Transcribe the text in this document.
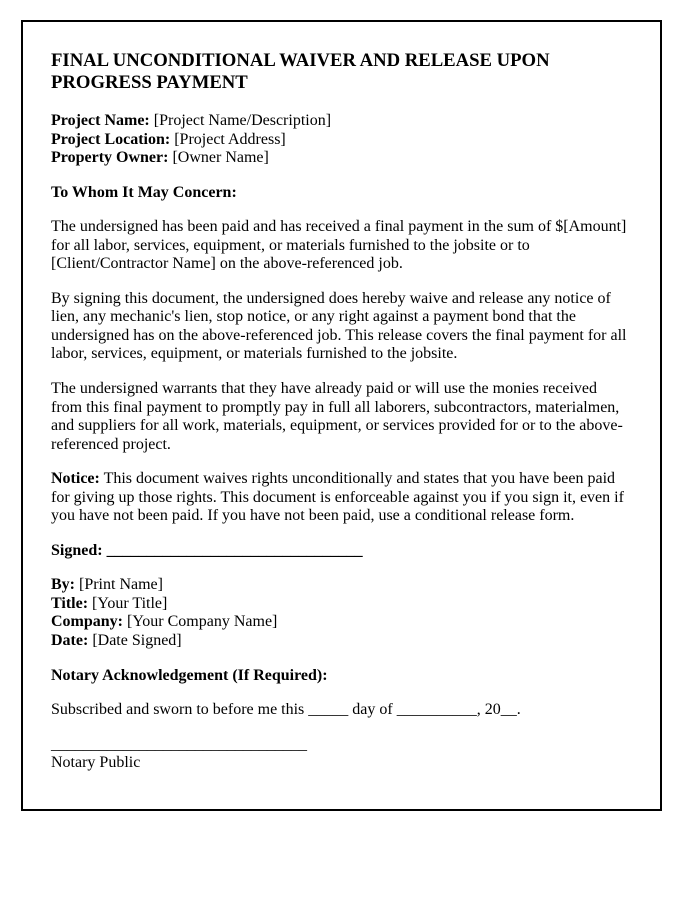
FINAL UNCONDITIONAL WAIVER AND RELEASE UPON PROGRESS PAYMENT

Project Name: [Project Name/Description]
Project Location: [Project Address]
Property Owner: [Owner Name]

To Whom It May Concern:

The undersigned has been paid and has received a final payment in the sum of $[Amount] for all labor, services, equipment, or materials furnished to the jobsite or to [Client/Contractor Name] on the above-referenced job.

By signing this document, the undersigned does hereby waive and release any notice of lien, any mechanic's lien, stop notice, or any right against a payment bond that the undersigned has on the above-referenced job. This release covers the final payment for all labor, services, equipment, or materials furnished to the jobsite.

The undersigned warrants that they have already paid or will use the monies received from this final payment to promptly pay in full all laborers, subcontractors, materialmen, and suppliers for all work, materials, equipment, or services provided for or to the above-referenced project.

Notice: This document waives rights unconditionally and states that you have been paid for giving up those rights. This document is enforceable against you if you sign it, even if you have not been paid. If you have not been paid, use a conditional release form.

Signed: ________________________________

By: [Print Name]
Title: [Your Title]
Company: [Your Company Name]
Date: [Date Signed]

Notary Acknowledgement (If Required):

Subscribed and sworn to before me this _____ day of __________, 20__.

________________________________
Notary Public
